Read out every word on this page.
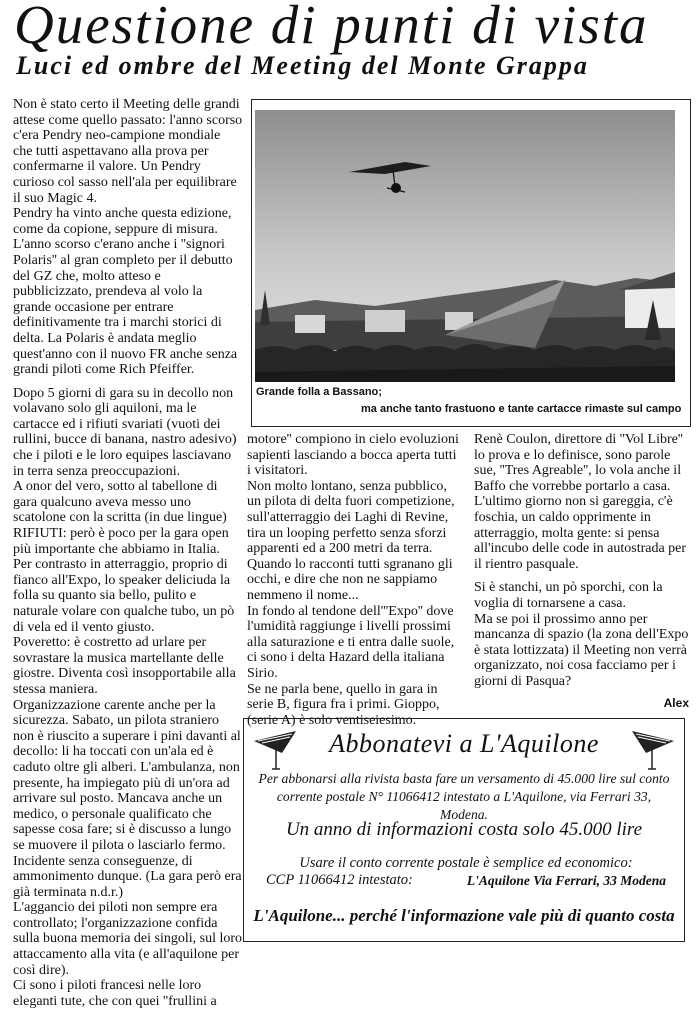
Questione di punti di vista
Luci ed ombre del Meeting del Monte Grappa

Non è stato certo il Meeting delle grandi attese come quello passato: l'anno scorso c'era Pendry neo-campione mondiale che tutti aspettavano alla prova per confermarne il valore. Un Pendry curioso col sasso nell'ala per equilibrare il suo Magic 4.

Pendry ha vinto anche questa edizione, come da copione, seppure di misura.

L'anno scorso c'erano anche i ''signori Polaris'' al gran completo per il debutto del GZ che, molto atteso e pubblicizzato, prendeva al volo la grande occasione per entrare definitivamente tra i marchi storici di delta. La Polaris è andata meglio quest'anno con il nuovo FR anche senza grandi piloti come Rich Pfeiffer.

Dopo 5 giorni di gara su in decollo non volavano solo gli aquiloni, ma le cartacce ed i rifiuti svariati (vuoti dei rullini, bucce di banana, nastro adesivo) che i piloti e le loro equipes lasciavano in terra senza preoccupazioni.

A onor del vero, sotto al tabellone di gara qualcuno aveva messo uno scatolone con la scritta (in due lingue) RIFIUTI: però è poco per la gara open più importante che abbiamo in Italia.

Per contrasto in atterraggio, proprio di fianco all'Expo, lo speaker deliciuda la folla su quanto sia bello, pulito e naturale volare con qualche tubo, un pò di vela ed il vento giusto.

Poveretto: è costretto ad urlare per sovrastare la musica martellante delle giostre. Diventa così insopportabile alla stessa maniera.

Organizzazione carente anche per la sicurezza. Sabato, un pilota straniero non è riuscito a superare i pini davanti al decollo: li ha toccati con un'ala ed è caduto oltre gli alberi. L'ambulanza, non presente, ha impiegato più di un'ora ad arrivare sul posto. Mancava anche un medico, o personale qualificato che sapesse cosa fare; si è discusso a lungo se muovere il pilota o lasciarlo fermo. Incidente senza conseguenze, di ammonimento dunque. (La gara però era già terminata n.d.r.)

L'aggancio dei piloti non sempre era controllato; l'organizzazione confida sulla buona memoria dei singoli, sul loro attaccamento alla vita (e all'aquilone per così dire).

Ci sono i piloti francesi nelle loro eleganti tute, che con quei ''frullini a

Grande folla a Bassano;
ma anche tanto frastuono e tante cartacce rimaste sul campo

motore'' compiono in cielo evoluzioni sapienti lasciando a bocca aperta tutti i visitatori.

Non molto lontano, senza pubblico, un pilota di delta fuori competizione, sull'atterraggio dei Laghi di Revine, tira un looping perfetto senza sforzi apparenti ed a 200 metri da terra.

Quando lo racconti tutti sgranano gli occhi, e dire che non ne sappiamo nemmeno il nome...

In fondo al tendone dell'''Expo'' dove l'umidità raggiunge i livelli prossimi alla saturazione e ti entra dalle suole, ci sono i delta Hazard della italiana Sirio.

Se ne parla bene, quello in gara in serie B, figura fra i primi. Gioppo, (serie A) è solo ventiseiesimo.

Renè Coulon, direttore di ''Vol Libre'' lo prova e lo definisce, sono parole sue, ''Tres Agreable'', lo vola anche il Baffo che vorrebbe portarlo a casa.

L'ultimo giorno non si gareggia, c'è foschia, un caldo opprimente in atterraggio, molta gente: si pensa all'incubo delle code in autostrada per il rientro pasquale.

Si è stanchi, un pò sporchi, con la voglia di tornarsene a casa.

Ma se poi il prossimo anno per mancanza di spazio (la zona dell'Expo è stata lottizzata) il Meeting non verrà organizzato, noi cosa facciamo per i giorni di Pasqua?

Alex
Abbonatevi a L'Aquilone
Per abbonarsi alla rivista basta fare un versamento di 45.000 lire sul conto corrente postale N° 11066412 intestato a L'Aquilone, via Ferrari 33, Modena.
Un anno di informazioni costa solo 45.000 lire
Usare il conto corrente postale è semplice ed economico:
CCP 11066412 intestato:	L'Aquilone Via Ferrari, 33 Modena
L'Aquilone... perché l'informazione vale più di quanto costa
